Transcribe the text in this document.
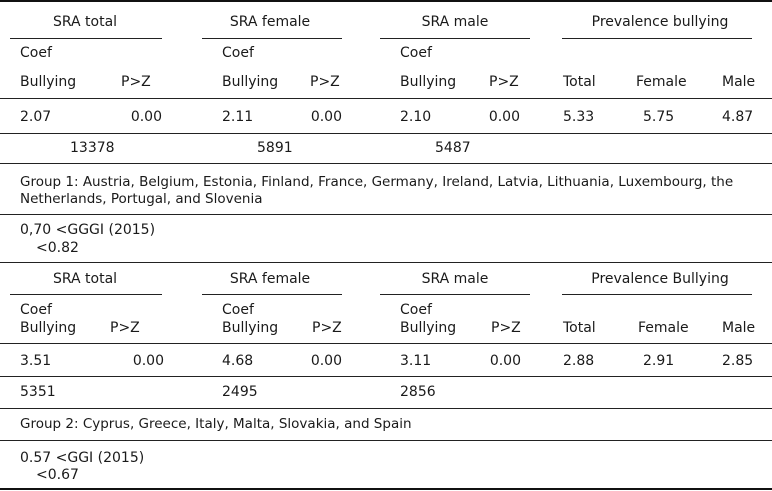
SRA total	SRA female	SRA male	Prevalence bullying
Coef	Coef	Coef
Bullying	P>Z	Bullying P>Z	Bullying P>Z	Total	Female	Male
2.07	0.00	2.11	0.00	2.10	0.00	5.33	5.75	4.87
13378	5891	5487
Group 1: Austria, Belgium, Estonia, Finland, France, Germany, Ireland, Latvia, Lithuania, Luxembourg, the Netherlands, Portugal, and Slovenia
0,70 <GGGI (2015)
<0.82
SRA total	SRA female	SRA male	Prevalence Bullying
Coef	Coef	Coef
Bullying P>Z	Bullying P>Z	Bullying P>Z	Total	Female Male
3.51	0.00	4.68	0.00	3.11	0.00	2.88	2.91	2.85
5351	2495	2856
Group 2: Cyprus, Greece, Italy, Malta, Slovakia, and Spain
0.57 <GGI (2015)
<0.67
